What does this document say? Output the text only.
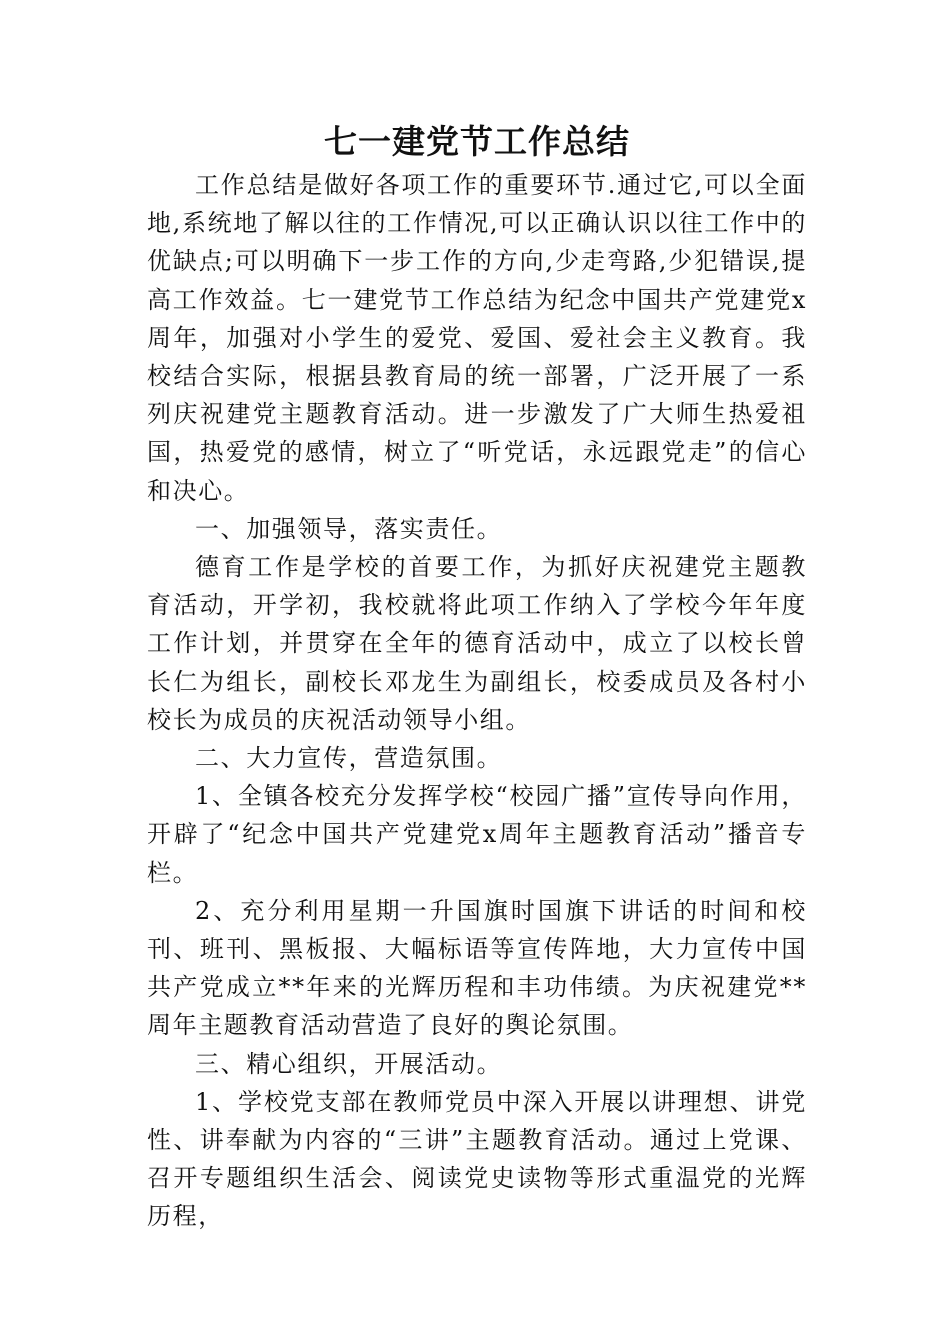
七一建党节工作总结

工作总结是做好各项工作的重要环节.通过它,可以全面地,系统地了解以往的工作情况,可以正确认识以往工作中的优缺点;可以明确下一步工作的方向,少走弯路,少犯错误,提高工作效益。七一建党节工作总结为纪念中国共产党建党x周年，加强对小学生的爱党、爱国、爱社会主义教育。我校结合实际，根据县教育局的统一部署，广泛开展了一系列庆祝建党主题教育活动。进一步激发了广大师生热爱祖国，热爱党的感情，树立了“听党话，永远跟党走”的信心和决心。

一、加强领导，落实责任。

德育工作是学校的首要工作，为抓好庆祝建党主题教育活动，开学初，我校就将此项工作纳入了学校今年年度工作计划，并贯穿在全年的德育活动中，成立了以校长曾长仁为组长，副校长邓龙生为副组长，校委成员及各村小校长为成员的庆祝活动领导小组。

二、大力宣传，营造氛围。

1、全镇各校充分发挥学校“校园广播”宣传导向作用，开辟了“纪念中国共产党建党x周年主题教育活动”播音专栏。

2、充分利用星期一升国旗时国旗下讲话的时间和校刊、班刊、黑板报、大幅标语等宣传阵地，大力宣传中国共产党成立**年来的光辉历程和丰功伟绩。为庆祝建党**周年主题教育活动营造了良好的舆论氛围。

三、精心组织，开展活动。

1、学校党支部在教师党员中深入开展以讲理想、讲党性、讲奉献为内容的“三讲”主题教育活动。通过上党课、召开专题组织生活会、阅读党史读物等形式重温党的光辉历程，
